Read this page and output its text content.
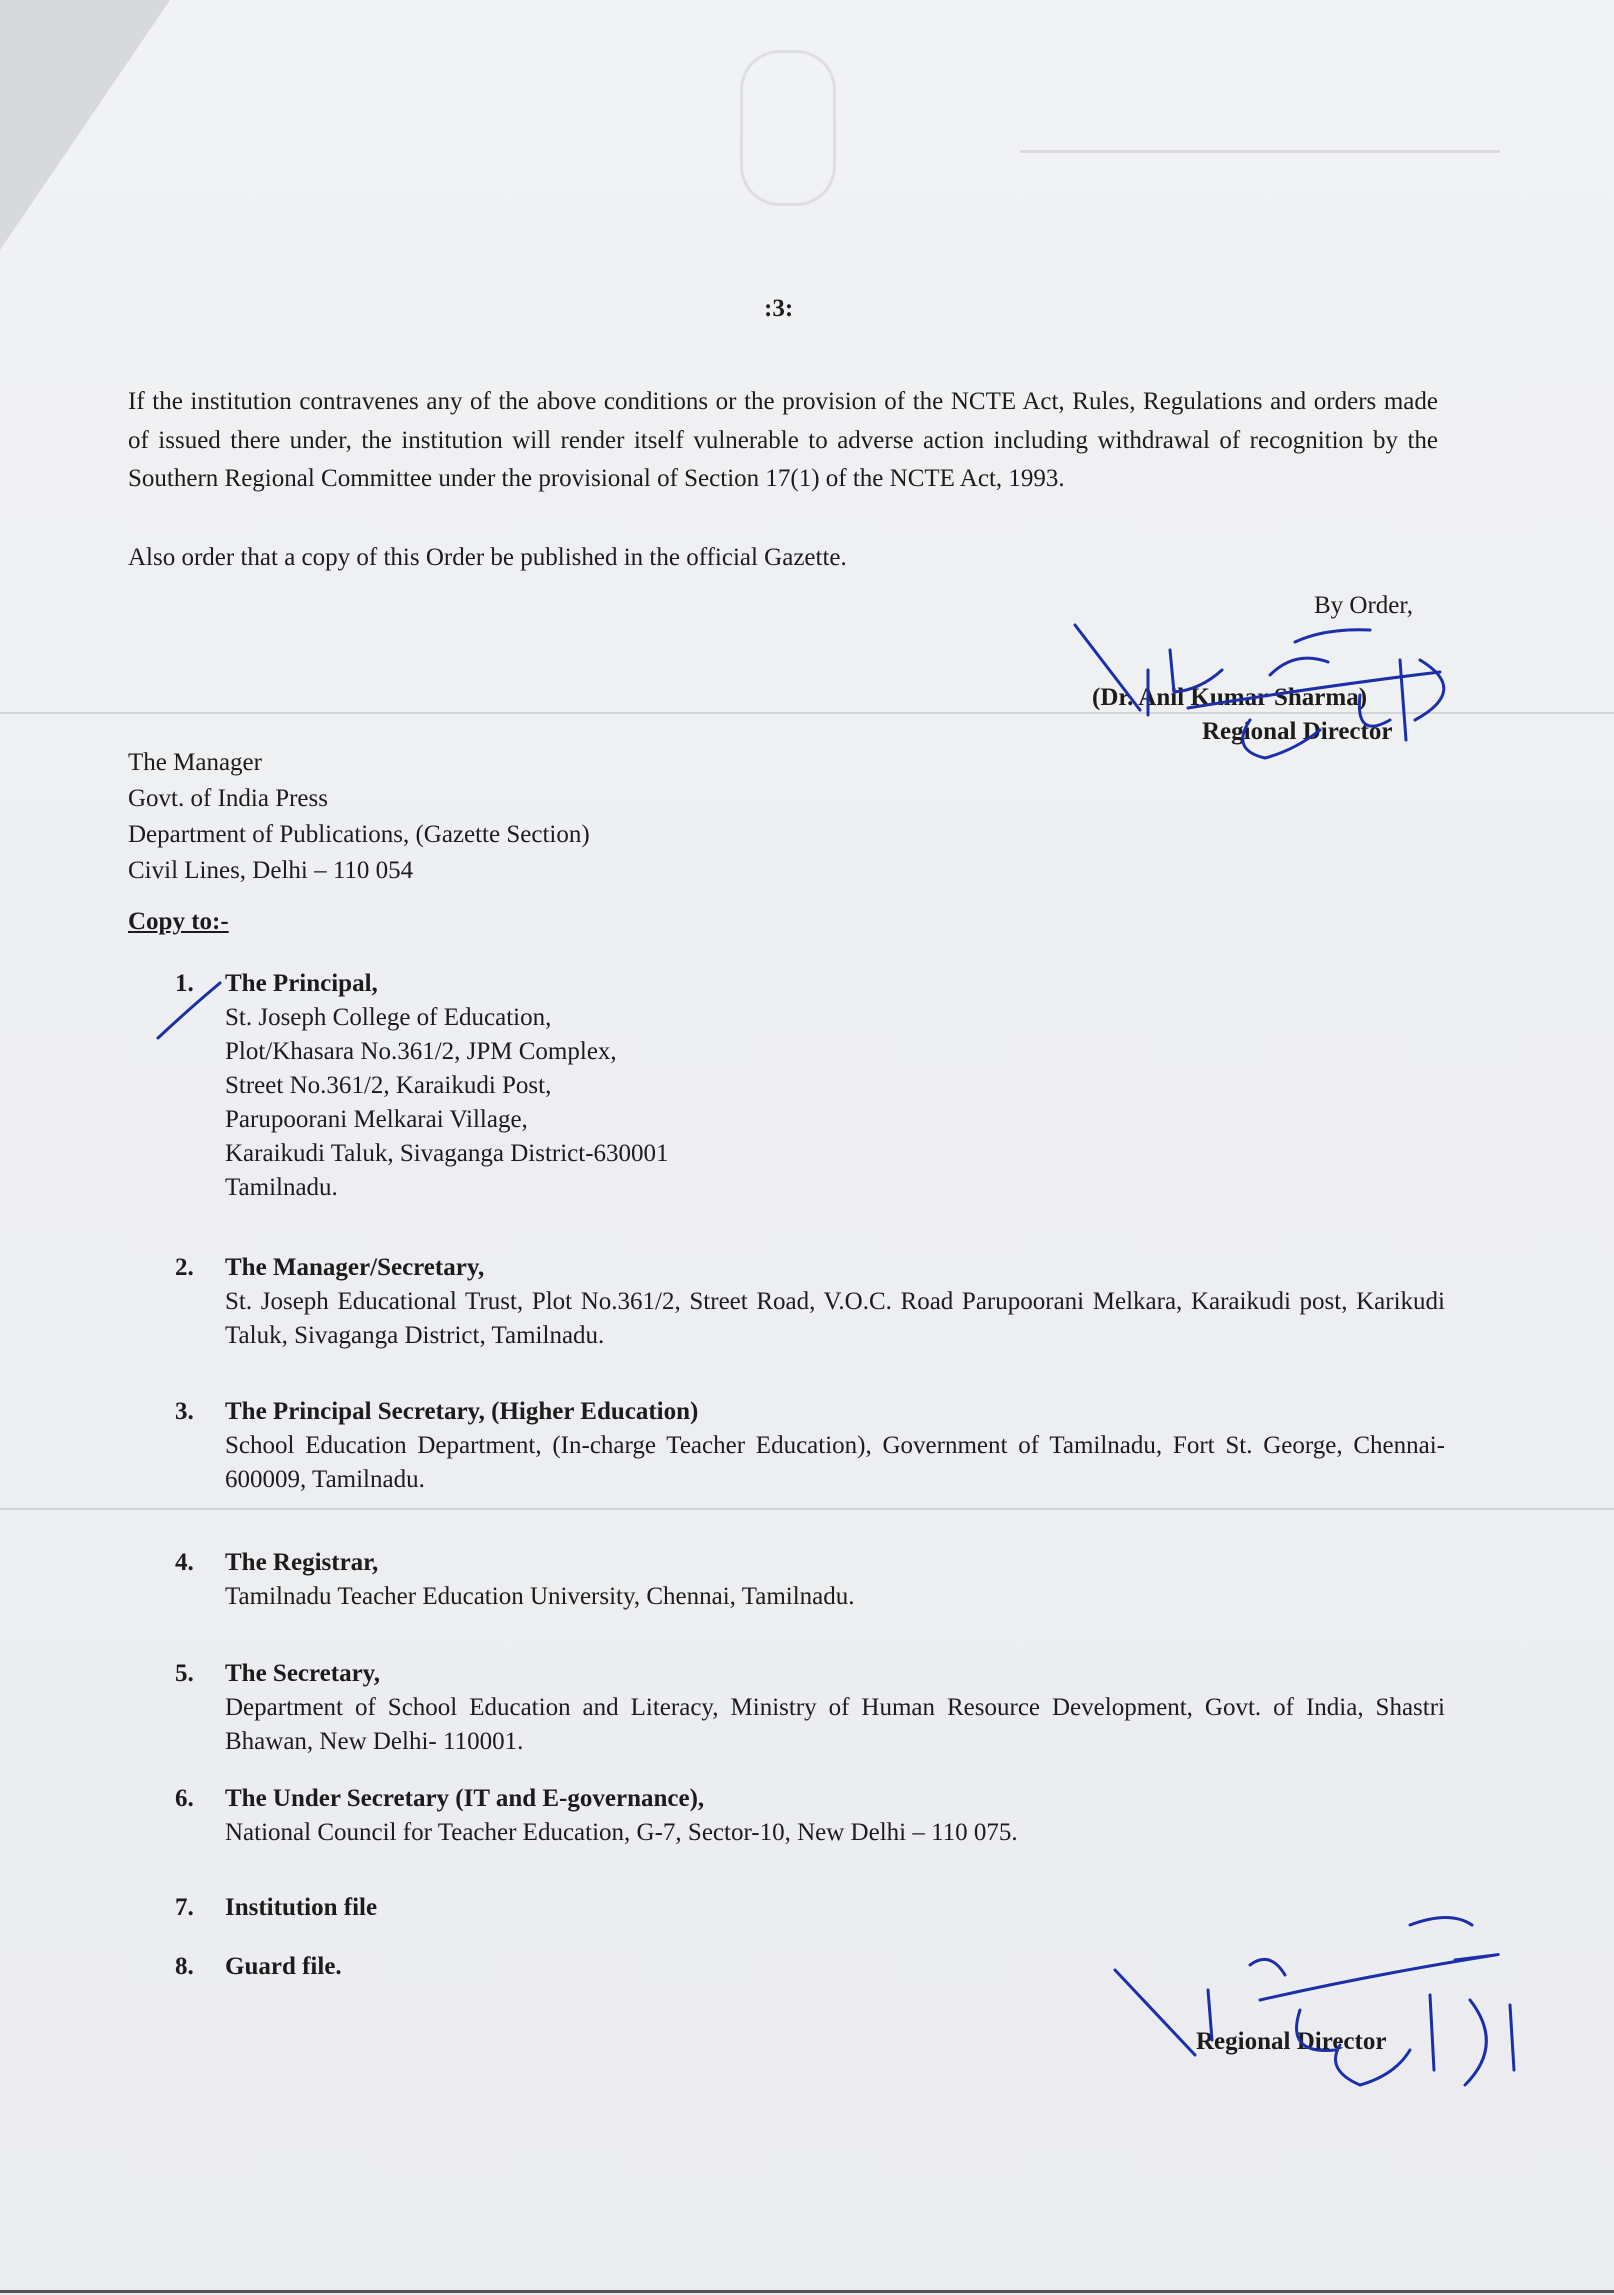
:3:
If the institution contravenes any of the above conditions or the provision of the NCTE Act, Rules, Regulations and orders made of issued there under, the institution will render itself vulnerable to adverse action including withdrawal of recognition by the Southern Regional Committee under the provisional of Section 17(1) of the NCTE Act, 1993.
Also order that a copy of this Order be published in the official Gazette.
By Order,
(Dr. Anil Kumar Sharma)
Regional Director
The Manager
Govt. of India Press
Department of Publications, (Gazette Section)
Civil Lines, Delhi – 110 054
Copy to:-
1. The Principal,
St. Joseph College of Education,
Plot/Khasara No.361/2, JPM Complex,
Street No.361/2, Karaikudi Post,
Parupoorani Melkarai Village,
Karaikudi Taluk, Sivaganga District-630001
Tamilnadu.
2. The Manager/Secretary,
St. Joseph Educational Trust, Plot No.361/2, Street Road, V.O.C. Road Parupoorani Melkara, Karaikudi post, Karikudi Taluk, Sivaganga District, Tamilnadu.
3. The Principal Secretary, (Higher Education)
School Education Department, (In-charge Teacher Education), Government of Tamilnadu, Fort St. George, Chennai-600009, Tamilnadu.
4. The Registrar,
Tamilnadu Teacher Education University, Chennai, Tamilnadu.
5. The Secretary,
Department of School Education and Literacy, Ministry of Human Resource Development, Govt. of India, Shastri Bhawan, New Delhi- 110001.
6. The Under Secretary (IT and E-governance),
National Council for Teacher Education, G-7, Sector-10, New Delhi – 110 075.
7. Institution file
8. Guard file.
Regional Director
